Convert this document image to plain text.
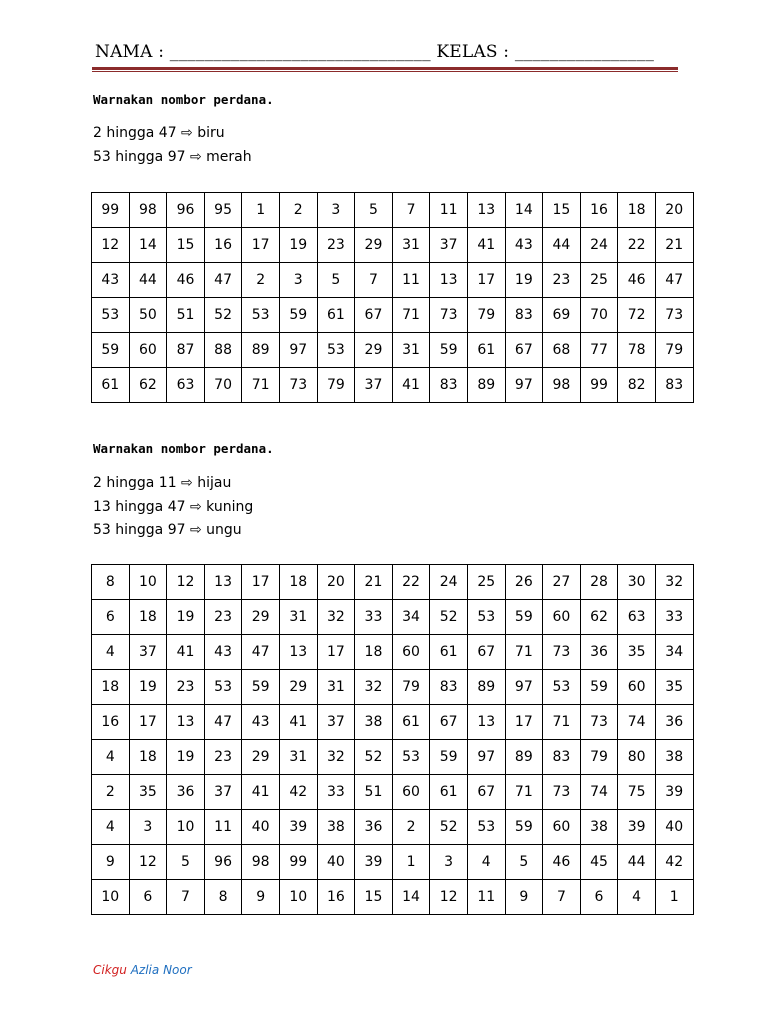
NAMA : ______________________________ KELAS : ________________
Warnakan nombor perdana.
2 hingga 47 ⇨ biru
53 hingga 97 ⇨ merah
99	98	96	95	1	2	3	5	7	11	13	14	15	16	18	20
12	14	15	16	17	19	23	29	31	37	41	43	44	24	22	21
43	44	46	47	2	3	5	7	11	13	17	19	23	25	46	47
53	50	51	52	53	59	61	67	71	73	79	83	69	70	72	73
59	60	87	88	89	97	53	29	31	59	61	67	68	77	78	79
61	62	63	70	71	73	79	37	41	83	89	97	98	99	82	83
Warnakan nombor perdana.
2 hingga 11 ⇨ hijau
13 hingga 47 ⇨ kuning
53 hingga 97 ⇨ ungu
8	10	12	13	17	18	20	21	22	24	25	26	27	28	30	32
6	18	19	23	29	31	32	33	34	52	53	59	60	62	63	33
4	37	41	43	47	13	17	18	60	61	67	71	73	36	35	34
18	19	23	53	59	29	31	32	79	83	89	97	53	59	60	35
16	17	13	47	43	41	37	38	61	67	13	17	71	73	74	36
4	18	19	23	29	31	32	52	53	59	97	89	83	79	80	38
2	35	36	37	41	42	33	51	60	61	67	71	73	74	75	39
4	3	10	11	40	39	38	36	2	52	53	59	60	38	39	40
9	12	5	96	98	99	40	39	1	3	4	5	46	45	44	42
10	6	7	8	9	10	16	15	14	12	11	9	7	6	4	1
Cikgu Azlia Noor
